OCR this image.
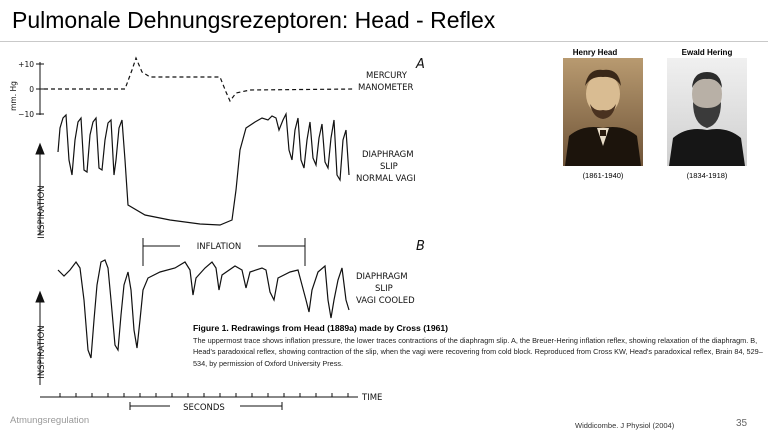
Pulmonale Dehnungsrezeptoren: Head - Reflex
mm. Hg
+10
0
−10
A
MERCURY
MANOMETER
INSPIRATION
INSPIRATION
DIAPHRAGM
SLIP
NORMAL VAGI
INFLATION	B
DIAPHRAGM
SLIP
VAGI COOLED
SECONDS
TIME
Henry Head
(1861-1940)
Ewald Hering
(1834-1918)
Figure 1. Redrawings from Head (1889a) made by Cross (1961)
The uppermost trace shows inflation pressure, the lower traces contractions of the diaphragm slip. A, the Breuer-Hering inflation reflex, showing relaxation of the diaphragm. B, Head's paradoxical reflex, showing contraction of the slip, when the vagi were recovering from cold block. Reproduced from Cross KW, Head's paradoxical reflex, Brain 84, 529–534, by permission of Oxford University Press.
Atmungsregulation	Widdicombe. J Physiol (2004)	35
